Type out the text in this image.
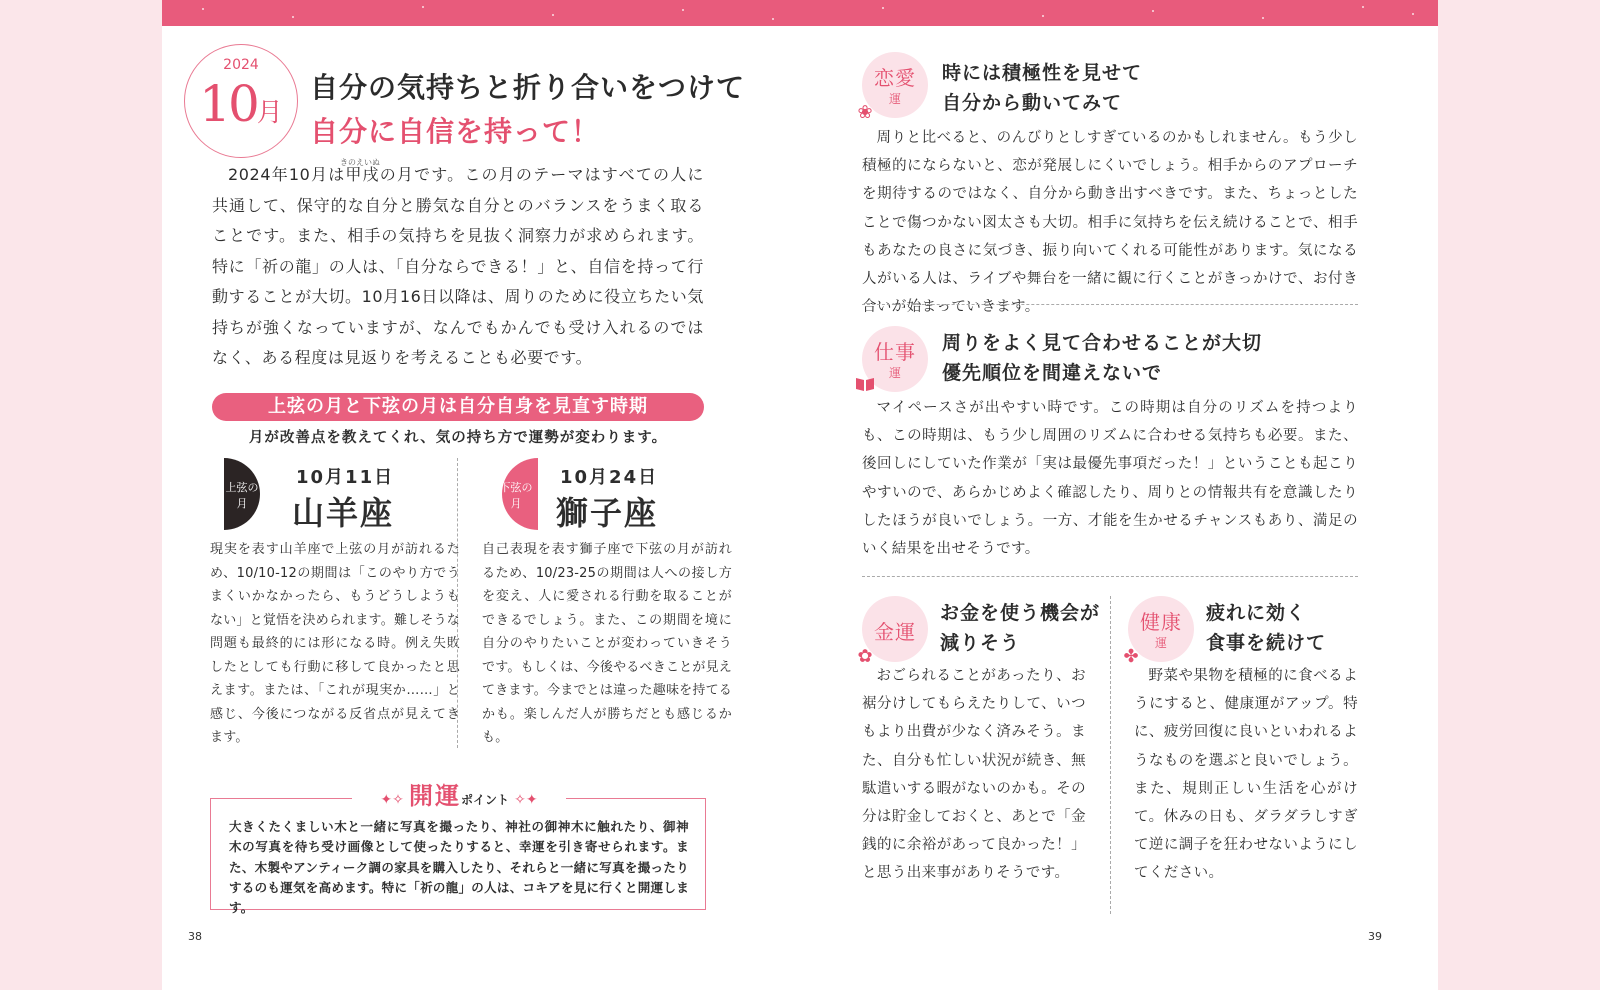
2024
10月
自分の気持ちと折り合いをつけて
自分に自信を持って！
きのえいぬ
2024年10月は甲戌の月です。この月のテーマはすべての人に共通して、保守的な自分と勝気な自分とのバランスをうまく取ることです。また、相手の気持ちを見抜く洞察力が求められます。特に「祈の龍」の人は、「自分ならできる！」と、自信を持って行動することが大切。10月16日以降は、周りのために役立ちたい気持ちが強くなっていますが、なんでもかんでも受け入れるのではなく、ある程度は見返りを考えることも必要です。
上弦の月と下弦の月は自分自身を見直す時期
月が改善点を教えてくれ、気の持ち方で運勢が変わります。
上弦の
月
10月11日
山羊座
現実を表す山羊座で上弦の月が訪れるため、10/10-12の期間は「このやり方でうまくいかなかったら、もうどうしようもない」と覚悟を決められます。難しそうな問題も最終的には形になる時。例え失敗したとしても行動に移して良かったと思えます。または、「これが現実か……」と感じ、今後につながる反省点が見えてきます。
下弦の
月
10月24日
獅子座
自己表現を表す獅子座で下弦の月が訪れるため、10/23-25の期間は人への接し方を変え、人に愛される行動を取ることができるでしょう。また、この期間を境に自分のやりたいことが変わっていきそうです。もしくは、今後やるべきことが見えてきます。今までとは違った趣味を持てるかも。楽しんだ人が勝ちだとも感じるかも。
大きくたくましい木と一緒に写真を撮ったり、神社の御神木に触れたり、御神木の写真を待ち受け画像として使ったりすると、幸運を引き寄せられます。また、木製やアンティーク調の家具を購入したり、それらと一緒に写真を撮ったりするのも運気を高めます。特に「祈の龍」の人は、コキアを見に行くと開運します。
✦✧ 開運ポイント ✧✦
38
恋愛
運
❀
時には積極性を見せて
自分から動いてみて
周りと比べると、のんびりとしすぎているのかもしれません。もう少し積極的にならないと、恋が発展しにくいでしょう。相手からのアプローチを期待するのではなく、自分から動き出すべきです。また、ちょっとしたことで傷つかない図太さも大切。相手に気持ちを伝え続けることで、相手もあなたの良さに気づき、振り向いてくれる可能性があります。気になる人がいる人は、ライブや舞台を一緒に観に行くことがきっかけで、お付き合いが始まっていきます。
仕事
運
周りをよく見て合わせることが大切
優先順位を間違えないで
マイペースさが出やすい時です。この時期は自分のリズムを持つよりも、この時期は、もう少し周囲のリズムに合わせる気持ちも必要。また、後回しにしていた作業が「実は最優先事項だった！」ということも起こりやすいので、あらかじめよく確認したり、周りとの情報共有を意識したりしたほうが良いでしょう。一方、才能を生かせるチャンスもあり、満足のいく結果を出せそうです。
金運
✿
お金を使う機会が
減りそう
おごられることがあったり、お裾分けしてもらえたりして、いつもより出費が少なく済みそう。また、自分も忙しい状況が続き、無駄遣いする暇がないのかも。その分は貯金しておくと、あとで「金銭的に余裕があって良かった！」と思う出来事がありそうです。
健康
運
✤
疲れに効く
食事を続けて
野菜や果物を積極的に食べるようにすると、健康運がアップ。特に、疲労回復に良いといわれるようなものを選ぶと良いでしょう。また、規則正しい生活を心がけて。休みの日も、ダラダラしすぎて逆に調子を狂わせないようにしてください。
39
